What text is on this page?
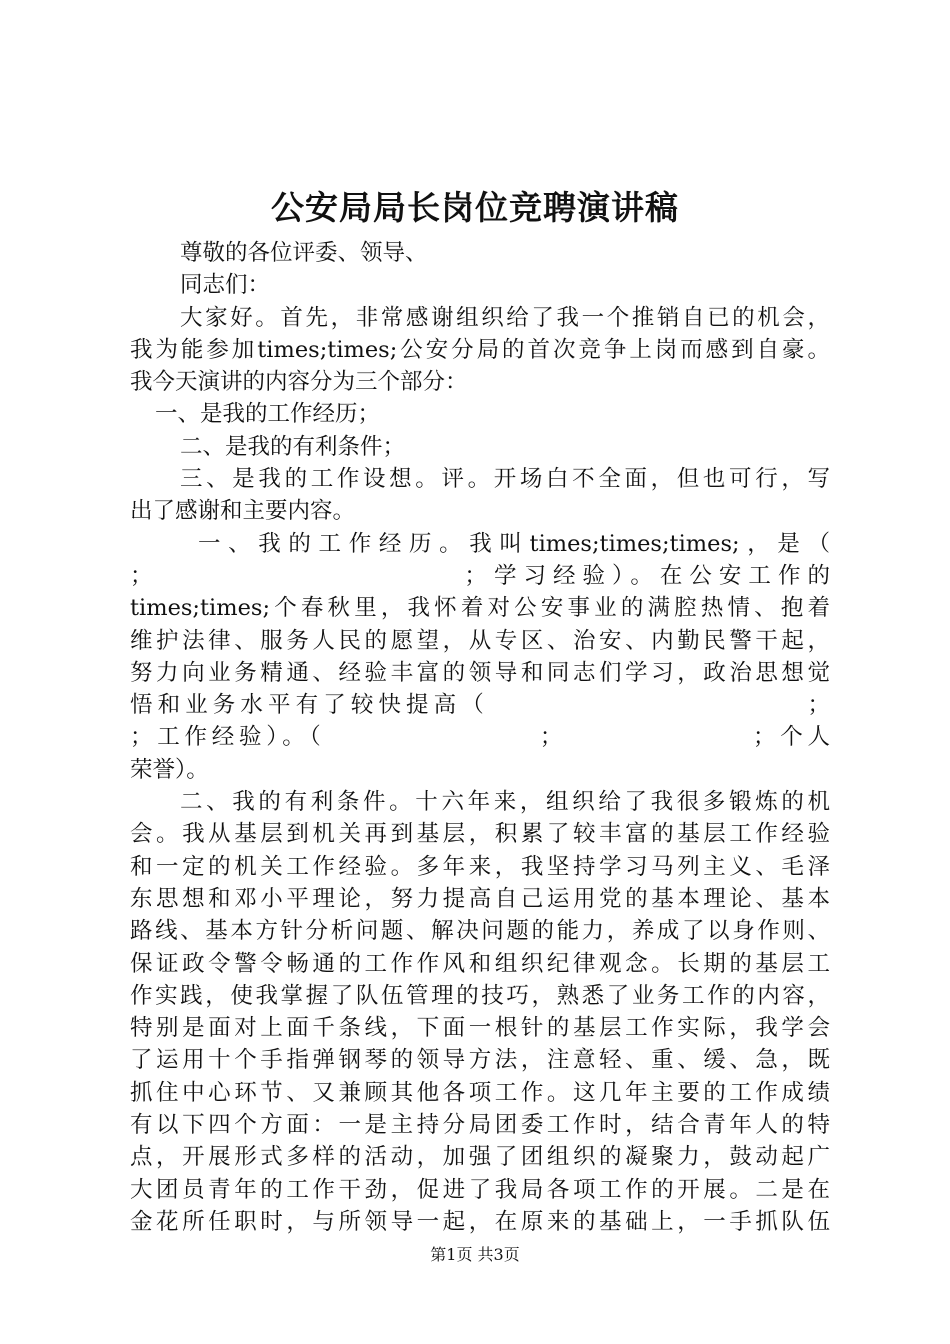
公安局局长岗位竞聘演讲稿
尊敬的各位评委、领导、
同志们：
大家好。首先，非常感谢组织给了我一个推销自已的机会，
我为能参加times;times;公安分局的首次竞争上岗而感到自豪。
我今天演讲的内容分为三个部分：
一、是我的工作经历；
二、是我的有利条件；
三、是我的工作设想。评。开场白不全面，但也可行，写
出了感谢和主要内容。
一、我的工作经历。我叫times;times;times;，是（
；                      ；学习经验）。在公安工作的
times;times;个春秋里，我怀着对公安事业的满腔热情、抱着
维护法律、服务人民的愿望，从专区、治安、内勤民警干起，
努力向业务精通、经验丰富的领导和同志们学习，政治思想觉
悟和业务水平有了较快提高（                          ；
；工作经验）。（                  ；                ；个人
荣誉）。
二、我的有利条件。十六年来，组织给了我很多锻炼的机
会。我从基层到机关再到基层，积累了较丰富的基层工作经验
和一定的机关工作经验。多年来，我坚持学习马列主义、毛泽
东思想和邓小平理论，努力提高自己运用党的基本理论、基本
路线、基本方针分析问题、解决问题的能力，养成了以身作则、
保证政令警令畅通的工作作风和组织纪律观念。长期的基层工
作实践，使我掌握了队伍管理的技巧，熟悉了业务工作的内容，
特别是面对上面千条线，下面一根针的基层工作实际，我学会
了运用十个手指弹钢琴的领导方法，注意轻、重、缓、急，既
抓住中心环节、又兼顾其他各项工作。这几年主要的工作成绩
有以下四个方面：一是主持分局团委工作时，结合青年人的特
点，开展形式多样的活动，加强了团组织的凝聚力，鼓动起广
大团员青年的工作干劲，促进了我局各项工作的开展。二是在
金花所任职时，与所领导一起，在原来的基础上，一手抓队伍
第1页 共3页
